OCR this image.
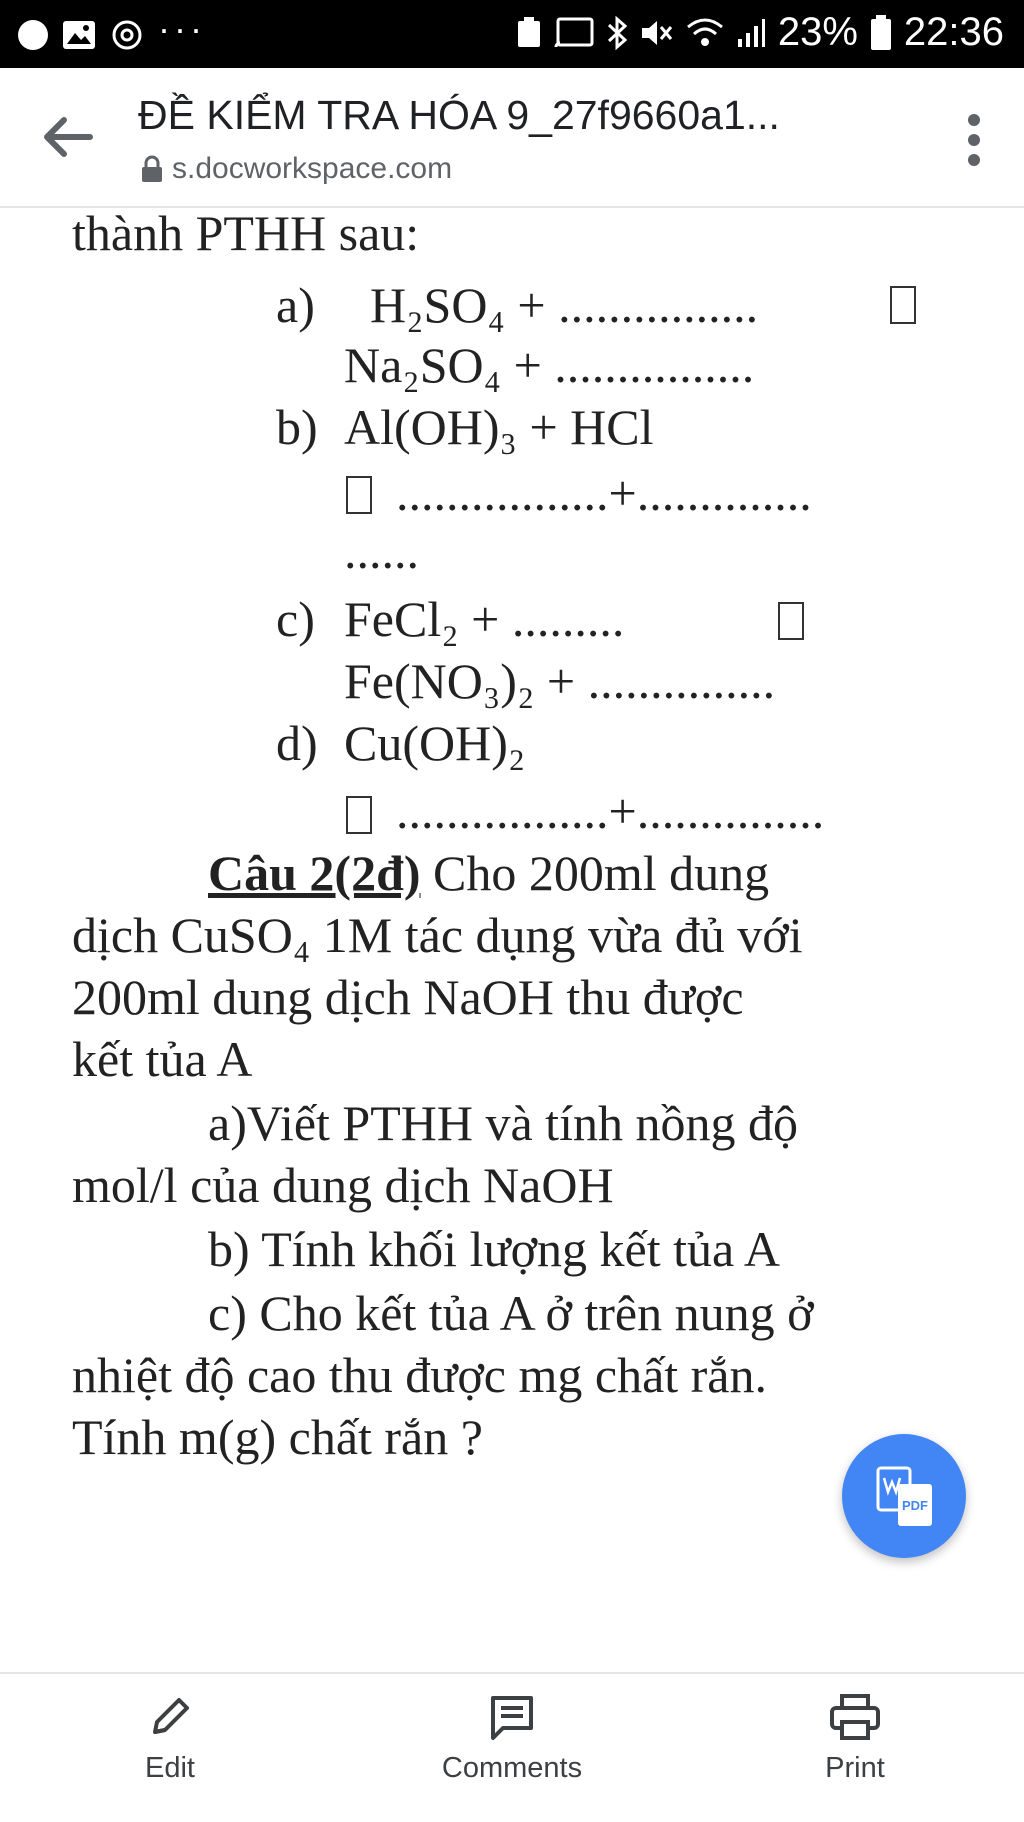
···	23% 22:36
ĐỀ KIỂM TRA HÓA 9_27f9660a1...
s.docworkspace.com
thành PTHH sau:
a) H₂SO₄ + ................
Na₂SO₄ + ................
b) Al(OH)₃ + HCl
.................+..............
......
c) FeCl₂ + .........
Fe(NO₃)₂ + ...............
d) Cu(OH)₂
.................+...............
Câu 2(2đ) Cho 200ml dung
dịch CuSO₄ 1M tác dụng vừa đủ với
200ml dung dịch NaOH thu được
kết tủa A
a)Viết PTHH và tính nồng độ
mol/l của dung dịch NaOH
b) Tính khối lượng kết tủa A
c) Cho kết tủa A ở trên nung ở
nhiệt độ cao thu được mg chất rắn.
Tính m(g) chất rắn ?
PDF
Edit	Comments	Print
